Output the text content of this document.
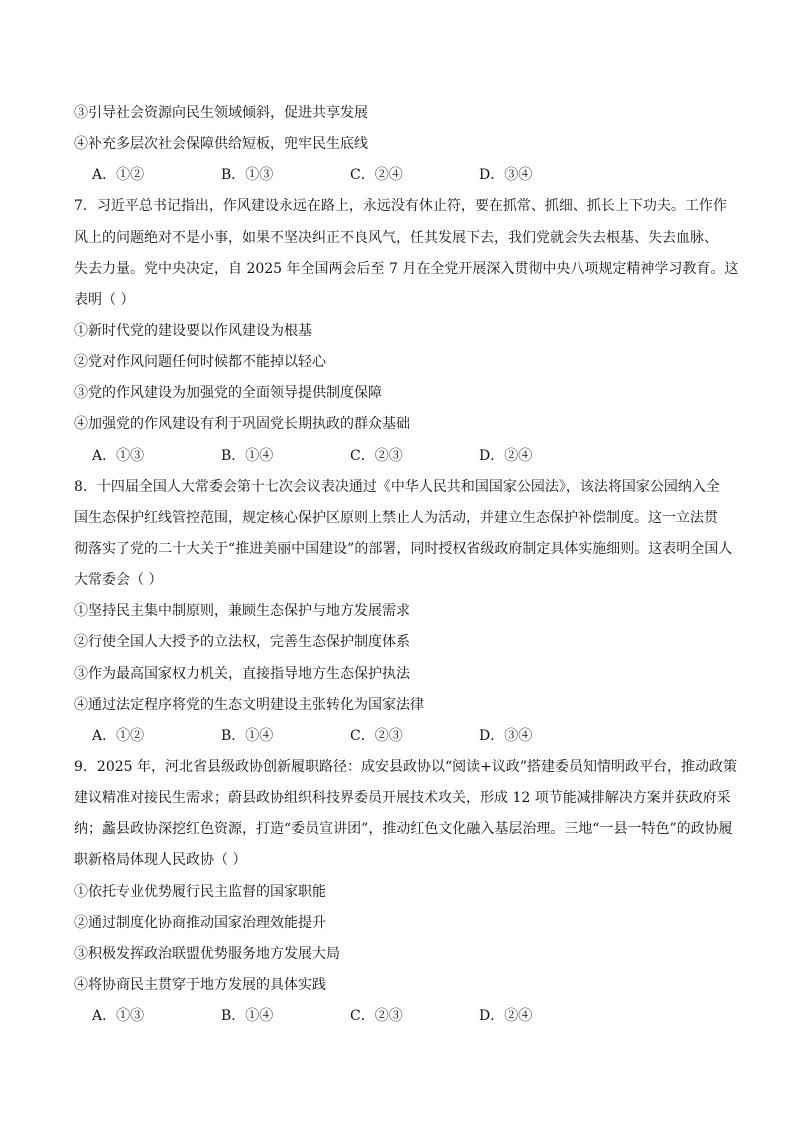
③引导社会资源向民生领域倾斜，促进共享发展
④补充多层次社会保障供给短板，兜牢民生底线
A．①②	B．①③	C．②④	D．③④
7．习近平总书记指出，作风建设永远在路上，永远没有休止符，要在抓常、抓细、抓长上下功夫。工作作
风上的问题绝对不是小事，如果不坚决纠正不良风气，任其发展下去，我们党就会失去根基、失去血脉、
失去力量。党中央决定，自 2025 年全国两会后至 7 月在全党开展深入贯彻中央八项规定精神学习教育。这
表明（ ）
①新时代党的建设要以作风建设为根基
②党对作风问题任何时候都不能掉以轻心
③党的作风建设为加强党的全面领导提供制度保障
④加强党的作风建设有利于巩固党长期执政的群众基础
A．①③	B．①④	C．②③	D．②④
8．十四届全国人大常委会第十七次会议表决通过《中华人民共和国国家公园法》，该法将国家公园纳入全
国生态保护红线管控范围，规定核心保护区原则上禁止人为活动，并建立生态保护补偿制度。这一立法贯
彻落实了党的二十大关于“推进美丽中国建设”的部署，同时授权省级政府制定具体实施细则。这表明全国人
大常委会（ ）
①坚持民主集中制原则，兼顾生态保护与地方发展需求
②行使全国人大授予的立法权，完善生态保护制度体系
③作为最高国家权力机关，直接指导地方生态保护执法
④通过法定程序将党的生态文明建设主张转化为国家法律
A．①②	B．①④	C．②③	D．③④
9．2025 年，河北省县级政协创新履职路径：成安县政协以“阅读+议政”搭建委员知情明政平台，推动政策
建议精准对接民生需求；蔚县政协组织科技界委员开展技术攻关，形成 12 项节能减排解决方案并获政府采
纳；蠡县政协深挖红色资源，打造“委员宣讲团”，推动红色文化融入基层治理。三地“一县一特色”的政协履
职新格局体现人民政协（ ）
①依托专业优势履行民主监督的国家职能
②通过制度化协商推动国家治理效能提升
③积极发挥政治联盟优势服务地方发展大局
④将协商民主贯穿于地方发展的具体实践
A．①③	B．①④	C．②③	D．②④
